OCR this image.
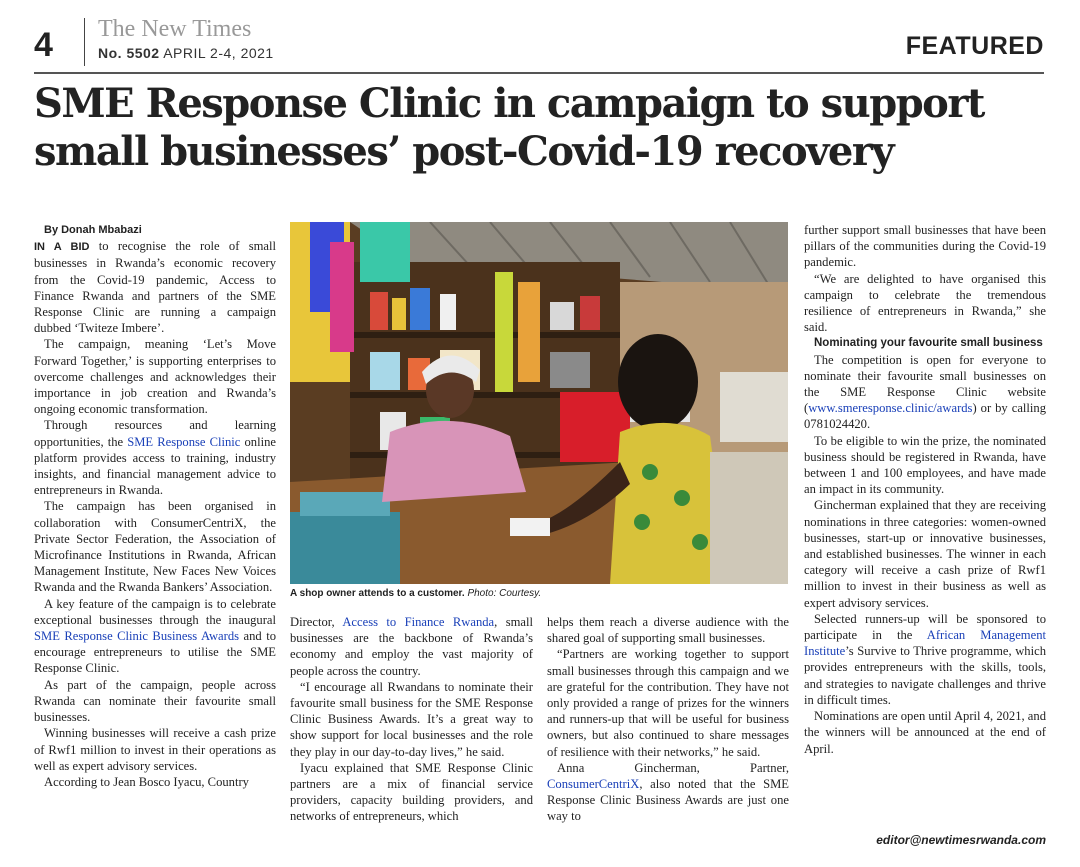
4 The New Times
No. 5502 APRIL 2-4, 2021	FEATURED
SME Response Clinic in campaign to support small businesses’ post-Covid-19 recovery

By Donah Mbabazi

IN A BID to recognise the role of small businesses in Rwanda’s economic recovery from the Covid-19 pandemic, Access to Finance Rwanda and partners of the SME Response Clinic are running a campaign dubbed ‘Twiteze Imbere’.

The campaign, meaning ‘Let’s Move Forward Together,’ is supporting enterprises to overcome challenges and acknowledges their importance in job creation and Rwanda’s ongoing economic transformation.

Through resources and learning opportunities, the SME Response Clinic online platform provides access to training, industry insights, and financial management advice to entrepreneurs in Rwanda.

The campaign has been organised in collaboration with ConsumerCentriX, the Private Sector Federation, the Association of Microfinance Institutions in Rwanda, African Management Institute, New Faces New Voices Rwanda and the Rwanda Bankers’ Association.

A key feature of the campaign is to celebrate exceptional businesses through the inaugural SME Response Clinic Business Awards and to encourage entrepreneurs to utilise the SME Response Clinic.

As part of the campaign, people across Rwanda can nominate their favourite small businesses.

Winning businesses will receive a cash prize of Rwf1 million to invest in their operations as well as expert advisory services.

According to Jean Bosco Iyacu, Country

A shop owner attends to a customer. Photo: Courtesy.

Director, Access to Finance Rwanda, small businesses are the backbone of Rwanda’s economy and employ the vast majority of people across the country.

“I encourage all Rwandans to nominate their favourite small business for the SME Response Clinic Business Awards. It’s a great way to show support for local businesses and the role they play in our day-to-day lives,” he said.

Iyacu explained that SME Response Clinic partners are a mix of financial service providers, capacity building providers, and networks of entrepreneurs, which

helps them reach a diverse audience with the shared goal of supporting small businesses.

“Partners are working together to support small businesses through this campaign and we are grateful for the contribution. They have not only provided a range of prizes for the winners and runners-up that will be useful for business owners, but also continued to share messages of resilience with their networks,” he said.

Anna Gincherman, Partner, ConsumerCentriX, also noted that the SME Response Clinic Business Awards are just one way to

further support small businesses that have been pillars of the communities during the Covid-19 pandemic.

“We are delighted to have organised this campaign to celebrate the tremendous resilience of entrepreneurs in Rwanda,” she said.

Nominating your favourite small business

The competition is open for everyone to nominate their favourite small businesses on the SME Response Clinic website (www.smeresponse.clinic/awards) or by calling 0781024420.

To be eligible to win the prize, the nominated business should be registered in Rwanda, have between 1 and 100 employees, and have made an impact in its community.

Gincherman explained that they are receiving nominations in three categories: women-owned businesses, start-up or innovative businesses, and established businesses. The winner in each category will receive a cash prize of Rwf1 million to invest in their business as well as expert advisory services.

Selected runners-up will be sponsored to participate in the African Management Institute’s Survive to Thrive programme, which provides entrepreneurs with the skills, tools, and strategies to navigate challenges and thrive in difficult times.

Nominations are open until April 4, 2021, and the winners will be announced at the end of April.

editor@newtimesrwanda.com
